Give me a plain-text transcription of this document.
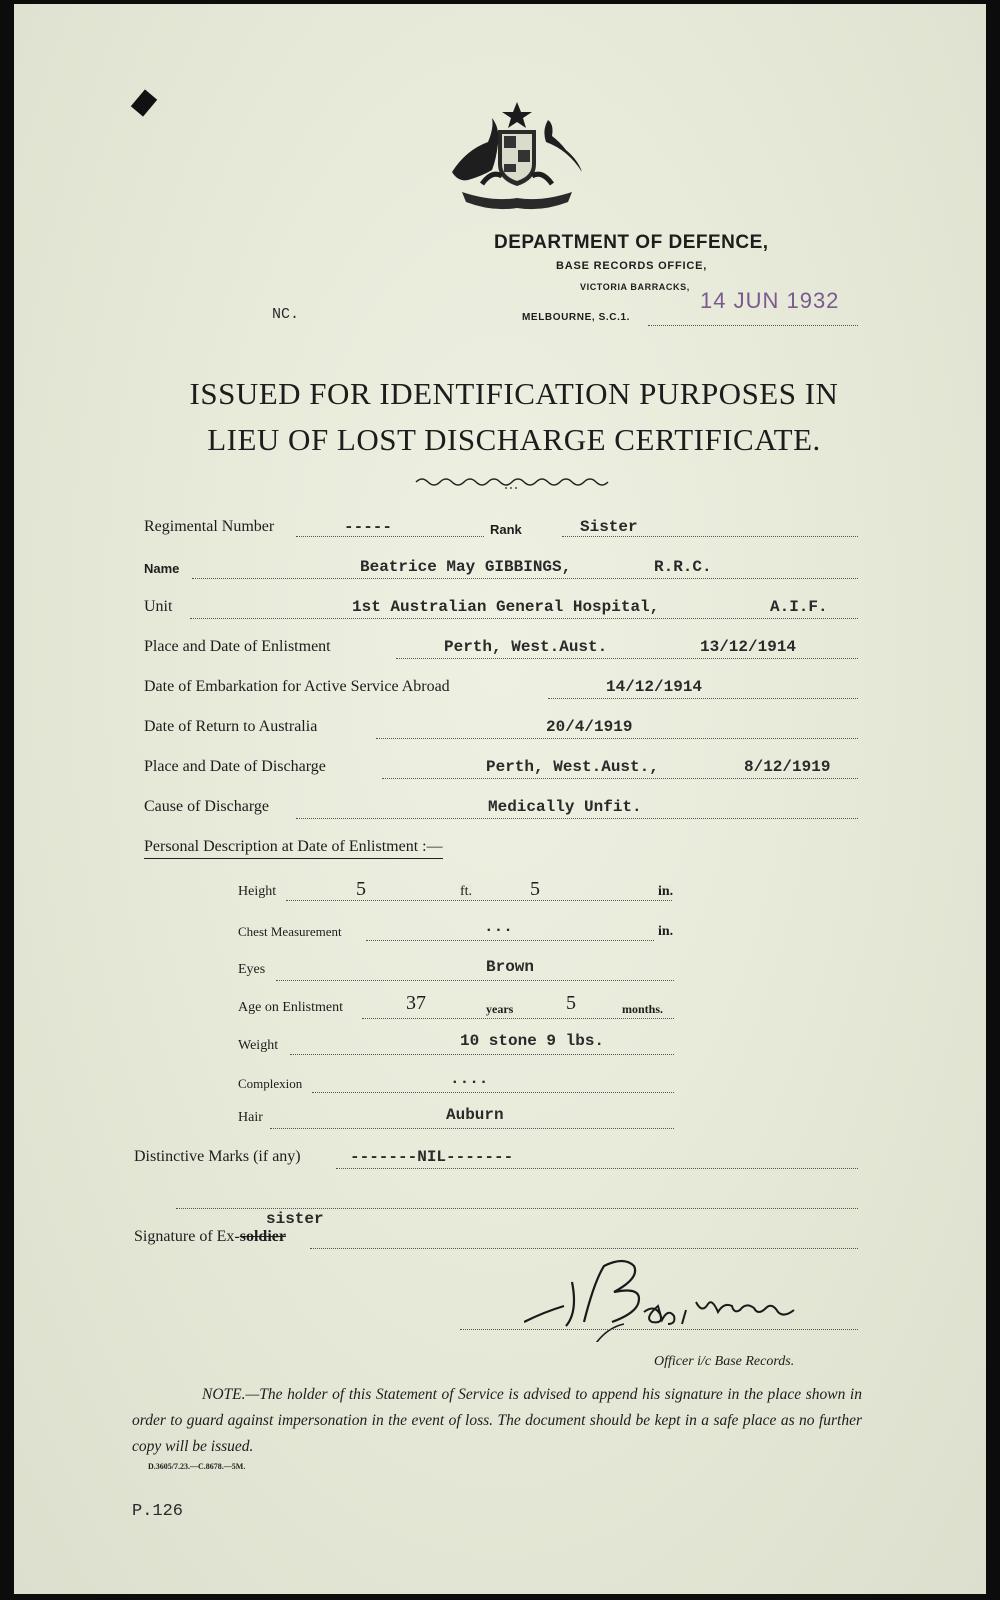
DEPARTMENT OF DEFENCE,
BASE RECORDS OFFICE,
VICTORIA BARRACKS,
14 JUN 1932
MELBOURNE, S.C.1.
NC.
ISSUED FOR IDENTIFICATION PURPOSES IN
LIEU OF LOST DISCHARGE CERTIFICATE.
Regimental Number	-----	Rank	Sister
Name	Beatrice May GIBBINGS,	R.R.C.
Unit	1st Australian General Hospital,	A.I.F.
Place and Date of Enlistment	Perth, West.Aust.	13/12/1914
Date of Embarkation for Active Service Abroad	14/12/1914
Date of Return to Australia	20/4/1919
Place and Date of Discharge	Perth, West.Aust.,	8/12/1919
Cause of Discharge	Medically Unfit.
Personal Description at Date of Enlistment :—
Height	5	ft.	5	in.
Chest Measurement	...	in.
Eyes	Brown
Age on Enlistment	37	years	5	months.
Weight	10 stone 9 lbs.
Complexion	....
Hair	Auburn
Distinctive Marks (if any)	-------NIL-------
sister
Signature of Ex-soldier
Officer i/c Base Records.
NOTE.—The holder of this Statement of Service is advised to append his signature in the place shown in order to guard against impersonation in the event of loss. The document should be kept in a safe place as no further copy will be issued.
D.3605/7.23.—C.8678.—5M.
P.126
